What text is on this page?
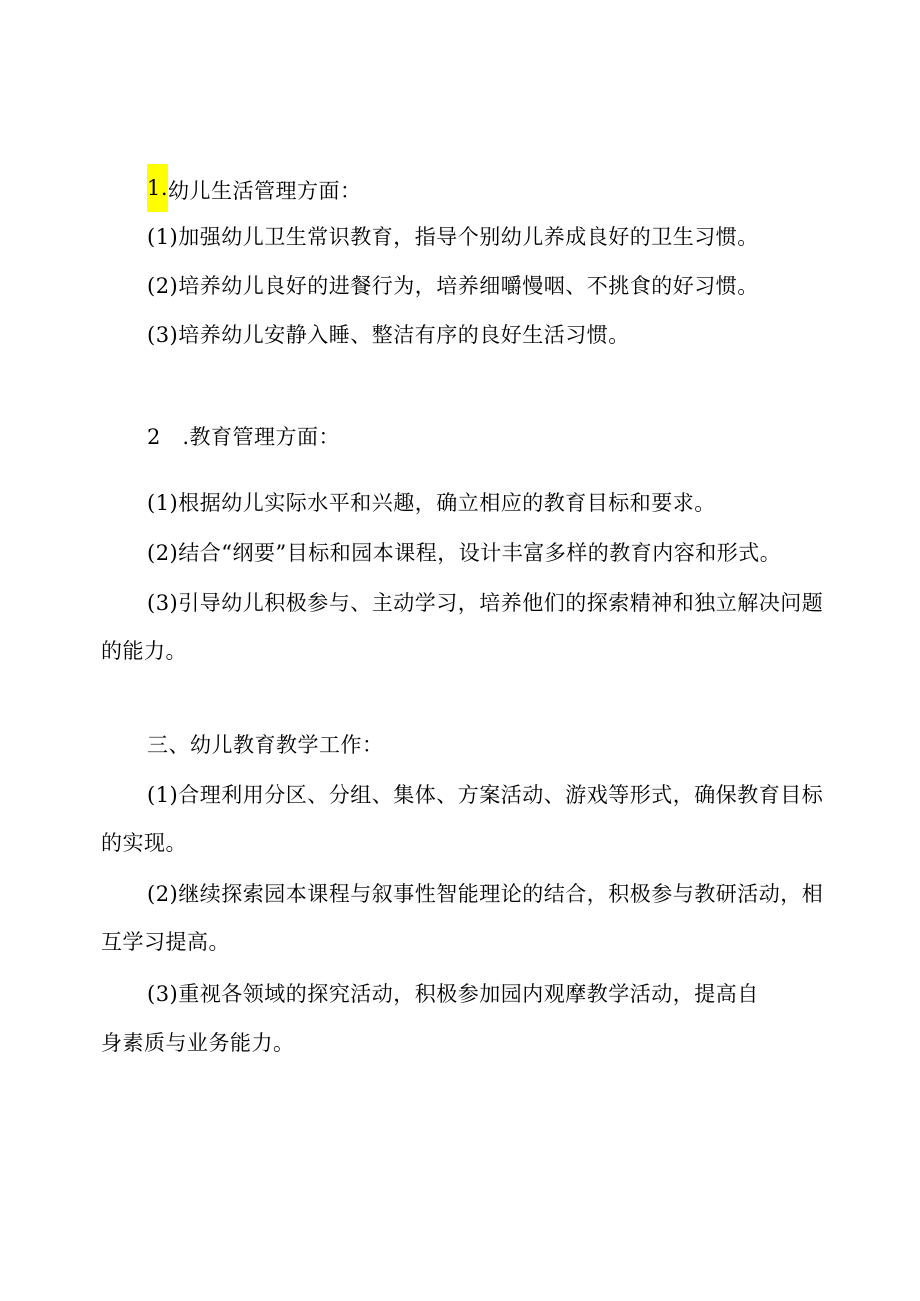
1.幼儿生活管理方面：
(1)加强幼儿卫生常识教育，指导个别幼儿养成良好的卫生习惯。
(2)培养幼儿良好的进餐行为，培养细嚼慢咽、不挑食的好习惯。
(3)培养幼儿安静入睡、整洁有序的良好生活习惯。
2　.教育管理方面：
(1)根据幼儿实际水平和兴趣，确立相应的教育目标和要求。
(2)结合“纲要”目标和园本课程，设计丰富多样的教育内容和形式。
(3)引导幼儿积极参与、主动学习，培养他们的探索精神和独立解决问题
的能力。
三、幼儿教育教学工作：
(1)合理利用分区、分组、集体、方案活动、游戏等形式，确保教育目标
的实现。
(2)继续探索园本课程与叙事性智能理论的结合，积极参与教研活动，相
互学习提高。
(3)重视各领域的探究活动，积极参加园内观摩教学活动，提高自
身素质与业务能力。
